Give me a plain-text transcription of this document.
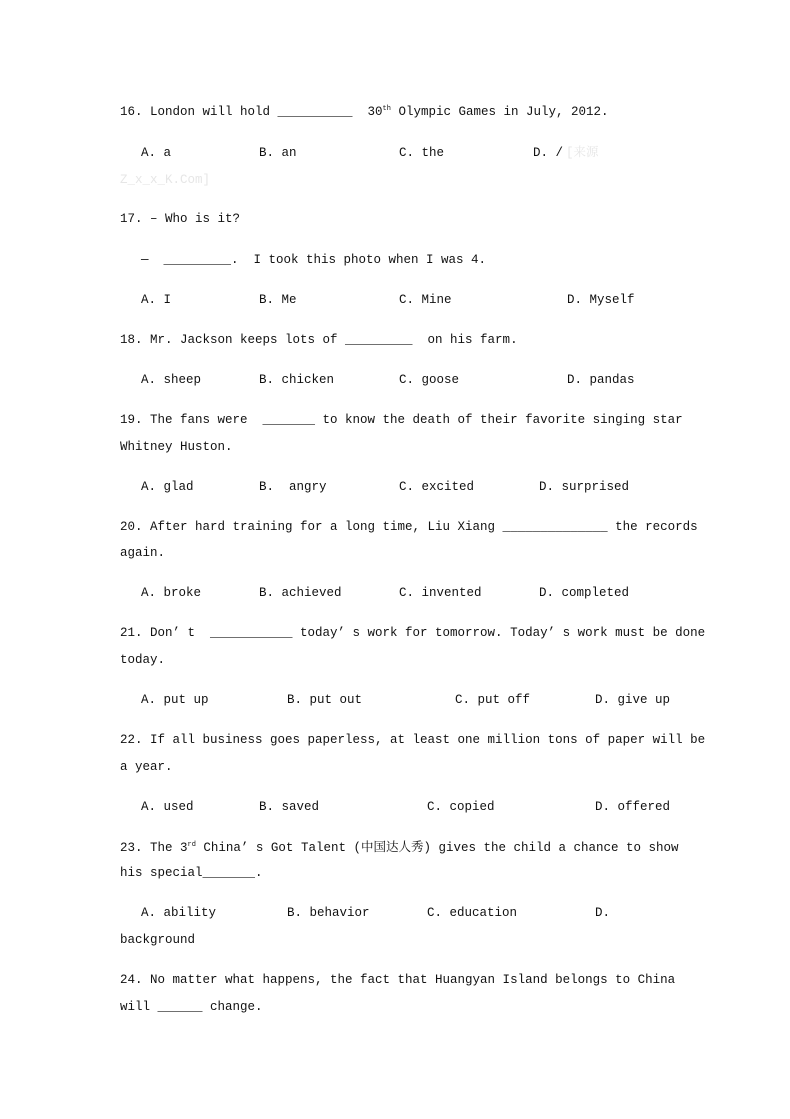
16. London will hold __________  30th Olympic Games in July, 2012.
A. a	B. an	C. the	D. / [来源
Z_x_x_K.Com]
17. – Who is it?
—  _________.  I took this photo when I was 4.
A. I	B. Me	C. Mine	D. Myself
18. Mr. Jackson keeps lots of _________  on his farm.
A. sheep	B. chicken	C. goose	D. pandas
19. The fans were  _______ to know the death of their favorite singing star
Whitney Huston.
A. glad	B.  angry	C. excited	D. surprised
20. After hard training for a long time, Liu Xiang ______________ the records
again.
A. broke	B. achieved	C. invented	D. completed
21. Don’ t  ___________ today’ s work for tomorrow. Today’ s work must be done
today.
A. put up	B. put out	C. put off	D. give up
22. If all business goes paperless, at least one million tons of paper will be
a year.
A. used	B. saved	C. copied	D. offered
23. The 3rd China’ s Got Talent (中国达人秀) gives the child a chance to show
his special_______.
A. ability	B. behavior	C. education	D.
background
24. No matter what happens, the fact that Huangyan Island belongs to China
will ______ change.
